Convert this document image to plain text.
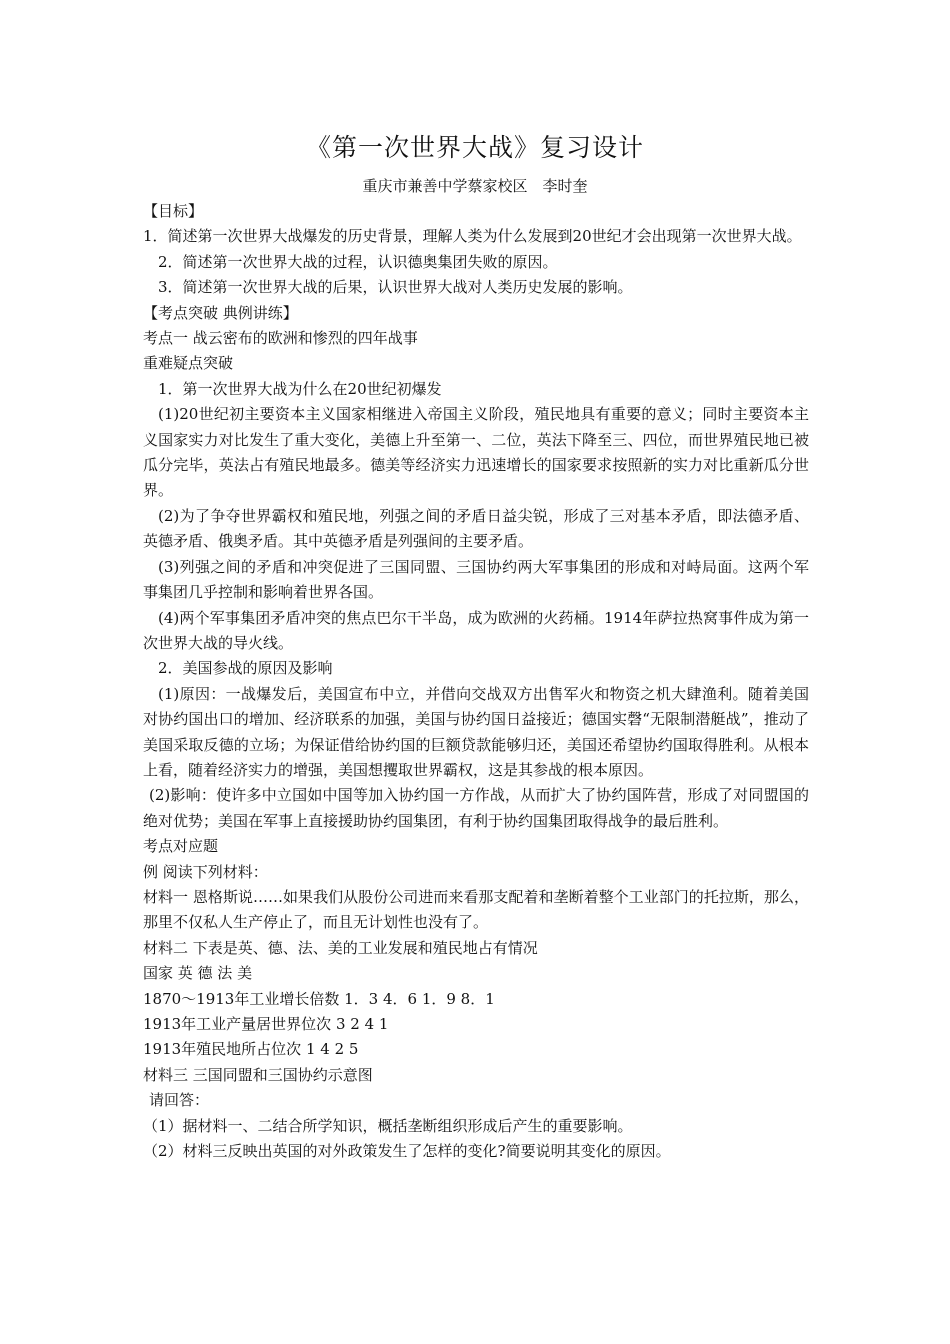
《第一次世界大战》复习设计
重庆市兼善中学蔡家校区　李时奎

【目标】

1．简述第一次世界大战爆发的历史背景，理解人类为什么发展到20世纪才会出现第一次世界大战。

2．简述第一次世界大战的过程，认识德奥集团失败的原因。

3．简述第一次世界大战的后果，认识世界大战对人类历史发展的影响。

【考点突破 典例讲练】

考点一 战云密布的欧洲和惨烈的四年战事

重难疑点突破

1．第一次世界大战为什么在20世纪初爆发

(1)20世纪初主要资本主义国家相继进入帝国主义阶段，殖民地具有重要的意义；同时主要资本主义国家实力对比发生了重大变化，美德上升至第一、二位，英法下降至三、四位，而世界殖民地已被瓜分完毕，英法占有殖民地最多。德美等经济实力迅速增长的国家要求按照新的实力对比重新瓜分世界。

(2)为了争夺世界霸权和殖民地，列强之间的矛盾日益尖锐，形成了三对基本矛盾，即法德矛盾、英德矛盾、俄奥矛盾。其中英德矛盾是列强间的主要矛盾。

(3)列强之间的矛盾和冲突促进了三国同盟、三国协约两大军事集团的形成和对峙局面。这两个军事集团几乎控制和影响着世界各国。

(4)两个军事集团矛盾冲突的焦点巴尔干半岛，成为欧洲的火药桶。1914年萨拉热窝事件成为第一次世界大战的导火线。

2．美国参战的原因及影响

(1)原因：一战爆发后，美国宣布中立，并借向交战双方出售军火和物资之机大肆渔利。随着美国对协约国出口的增加、经济联系的加强，美国与协约国日益接近；德国实磬“无限制潜艇战”，推动了美国采取反德的立场；为保证借给协约国的巨额贷款能够归还，美国还希望协约国取得胜利。从根本上看，随着经济实力的增强，美国想攫取世界霸权，这是其参战的根本原因。

(2)影响：使许多中立国如中国等加入协约国一方作战，从而扩大了协约国阵营，形成了对同盟国的绝对优势；美国在军事上直接援助协约国集团，有利于协约国集团取得战争的最后胜利。

考点对应题

例 阅读下列材料：

材料一 恩格斯说……如果我们从股份公司进而来看那支配着和垄断着整个工业部门的托拉斯，那么，那里不仅私人生产停止了，而且无计划性也没有了。

材料二 下表是英、德、法、美的工业发展和殖民地占有情况

国家 英 德 法 美

1870～1913年工业增长倍数 1．3 4．6 1．9 8．1

1913年工业产量居世界位次 3 2 4 1

1913年殖民地所占位次 1 4 2 5

材料三 三国同盟和三国协约示意图

请回答：

（1）据材料一、二结合所学知识，概括垄断组织形成后产生的重要影响。

（2）材料三反映出英国的对外政策发生了怎样的变化?简要说明其变化的原因。
